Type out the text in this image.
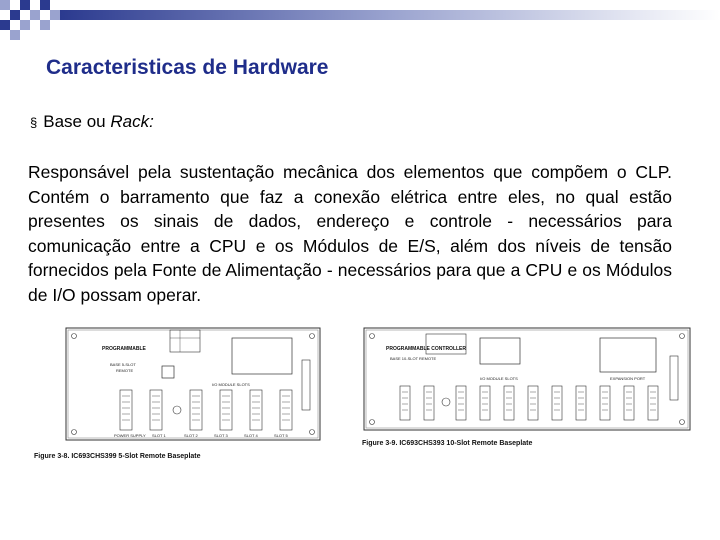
Caracteristicas de Hardware
§ Base ou Rack:
Responsável pela sustentação mecânica dos elementos que compõem o CLP. Contém o barramento que faz a conexão elétrica entre eles, no qual estão presentes os sinais de dados, endereço e controle - necessários para comunicação entre a CPU e os Módulos de E/S, além dos níveis de tensão fornecidos pela Fonte de Alimentação - necessários para que a CPU e os Módulos de I/O possam operar.
PROGRAMMABLE
BASE 5-SLOT
REMOTE
I/O MODULE SLOTS
POWER SUPPLY SLOT 1	SLOT 2	SLOT 3	SLOT 4	SLOT 5
Figure 3-8. IC693CHS399 5-Slot Remote Baseplate
PROGRAMMABLE CONTROLLER
BASE 10-SLOT REMOTE
I/O MODULE SLOTS	EXPANSION PORT
Figure 3-9. IC693CHS393 10-Slot Remote Baseplate
